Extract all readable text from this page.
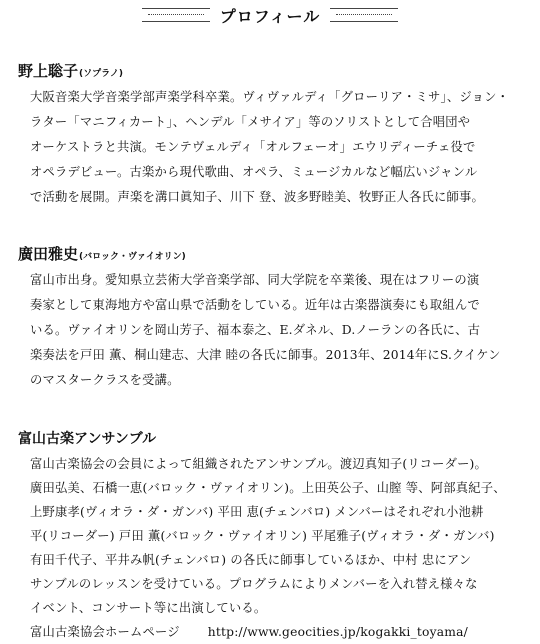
プロフィール
野上聡子 (ソプラノ)
大阪音楽大学音楽学部声楽学科卒業。ヴィヴァルディ「グローリア・ミサ」、ジョン・
ラター「マニフィカート」、ヘンデル「メサイア」等のソリストとして合唱団や
オーケストラと共演。モンテヴェルディ「オルフェーオ」エウリディーチェ役で
オペラデビュー。古楽から現代歌曲、オペラ、ミュージカルなど幅広いジャンル
で活動を展開。声楽を溝口眞知子、川下 登、波多野睦美、牧野正人各氏に師事。
廣田雅史 (バロック・ヴァイオリン)
富山市出身。愛知県立芸術大学音楽学部、同大学院を卒業後、現在はフリーの演
奏家として東海地方や富山県で活動をしている。近年は古楽器演奏にも取組んで
いる。ヴァイオリンを岡山芳子、福本泰之、E.ダネル、D.ノーランの各氏に、古
楽奏法を戸田 薫、桐山建志、大津 睦の各氏に師事。2013年、2014年にS.クイケン
のマスタークラスを受講。
富山古楽アンサンブル
富山古楽協会の会員によって組織されたアンサンブル。渡辺真知子(リコーダー)。
廣田弘美、石橋一恵(バロック・ヴァイオリン)。上田英公子、山膣 等、阿部真紀子、
上野康孝(ヴィオラ・ダ・ガンバ) 平田 恵(チェンバロ) メンバーはそれぞれ小池耕
平(リコーダー) 戸田 薫(バロック・ヴァイオリン) 平尾雅子(ヴィオラ・ダ・ガンバ)
有田千代子、平井み帆(チェンバロ) の各氏に師事しているほか、中村 忠にアン
サンブルのレッスンを受けている。プログラムによりメンバーを入れ替え様々な
イベント、コンサート等に出演している。
富山古楽協会ホームページ http://www.geocities.jp/kogakki_toyama/
